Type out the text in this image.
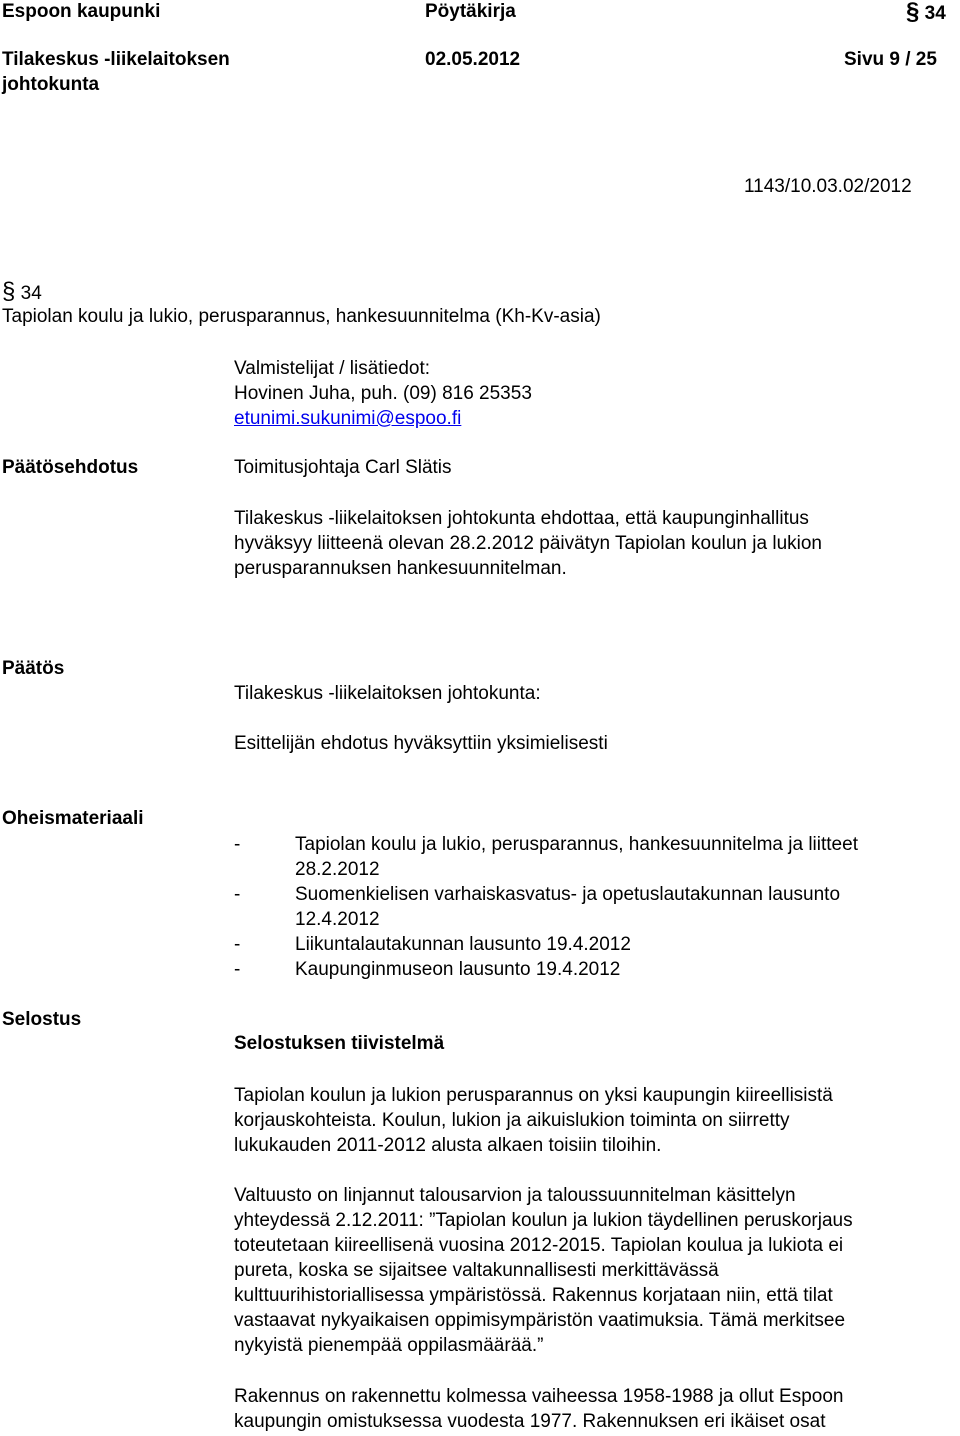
Espoon kaupunki	Pöytäkirja	§ 34
Tilakeskus -liikelaitoksen
johtokunta
02.05.2012	Sivu 9 / 25
1143/10.03.02/2012
§ 34
Tapiolan koulu ja lukio, perusparannus, hankesuunnitelma (Kh-Kv-asia)
Valmistelijat / lisätiedot:
Hovinen Juha, puh. (09) 816 25353
etunimi.sukunimi@espoo.fi
Päätösehdotus	Toimitusjohtaja Carl Slätis
Tilakeskus -liikelaitoksen johtokunta ehdottaa, että kaupunginhallitus
hyväksyy liitteenä olevan 28.2.2012 päivätyn Tapiolan koulun ja lukion
perusparannuksen hankesuunnitelman.
Päätös
Tilakeskus -liikelaitoksen johtokunta:
Esittelijän ehdotus hyväksyttiin yksimielisesti
Oheismateriaali
-	Tapiolan koulu ja lukio, perusparannus, hankesuunnitelma ja liitteet
28.2.2012
-	Suomenkielisen varhaiskasvatus- ja opetuslautakunnan lausunto
12.4.2012
-	Liikuntalautakunnan lausunto 19.4.2012
-	Kaupunginmuseon lausunto 19.4.2012
Selostus
Selostuksen tiivistelmä
Tapiolan koulun ja lukion perusparannus on yksi kaupungin kiireellisistä
korjauskohteista. Koulun, lukion ja aikuislukion toiminta on siirretty
lukukauden 2011-2012 alusta alkaen toisiin tiloihin.
Valtuusto on linjannut talousarvion ja taloussuunnitelman käsittelyn
yhteydessä 2.12.2011: ”Tapiolan koulun ja lukion täydellinen peruskorjaus
toteutetaan kiireellisenä vuosina 2012-2015. Tapiolan koulua ja lukiota ei
pureta, koska se sijaitsee valtakunnallisesti merkittävässä
kulttuurihistoriallisessa ympäristössä. Rakennus korjataan niin, että tilat
vastaavat nykyaikaisen oppimisympäristön vaatimuksia. Tämä merkitsee
nykyistä pienempää oppilasmäärää.”
Rakennus on rakennettu kolmessa vaiheessa 1958-1988 ja ollut Espoon
kaupungin omistuksessa vuodesta 1977. Rakennuksen eri ikäiset osat
